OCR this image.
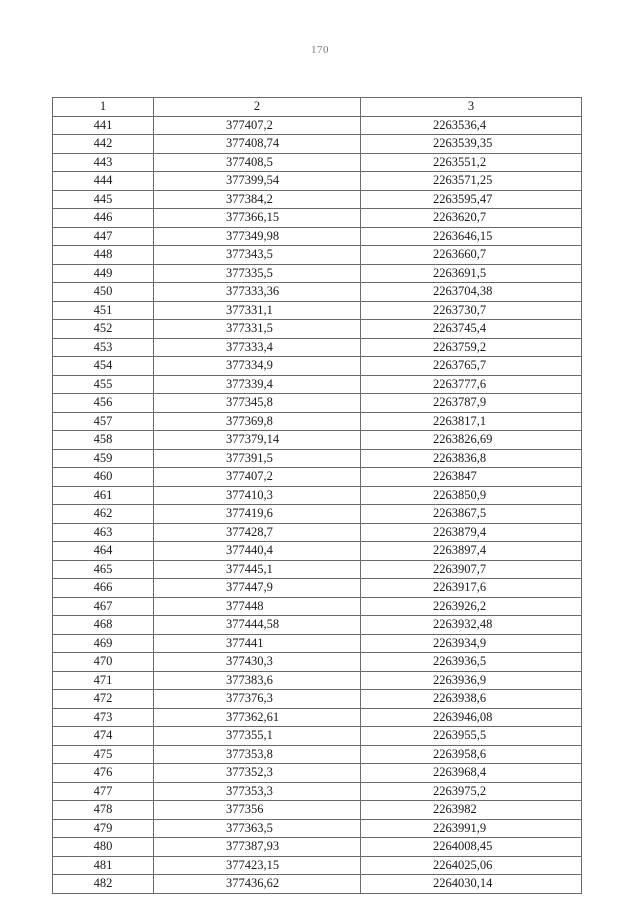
170
1	2	3
441	377407,2	2263536,4
442	377408,74	2263539,35
443	377408,5	2263551,2
444	377399,54	2263571,25
445	377384,2	2263595,47
446	377366,15	2263620,7
447	377349,98	2263646,15
448	377343,5	2263660,7
449	377335,5	2263691,5
450	377333,36	2263704,38
451	377331,1	2263730,7
452	377331,5	2263745,4
453	377333,4	2263759,2
454	377334,9	2263765,7
455	377339,4	2263777,6
456	377345,8	2263787,9
457	377369,8	2263817,1
458	377379,14	2263826,69
459	377391,5	2263836,8
460	377407,2	2263847
461	377410,3	2263850,9
462	377419,6	2263867,5
463	377428,7	2263879,4
464	377440,4	2263897,4
465	377445,1	2263907,7
466	377447,9	2263917,6
467	377448	2263926,2
468	377444,58	2263932,48
469	377441	2263934,9
470	377430,3	2263936,5
471	377383,6	2263936,9
472	377376,3	2263938,6
473	377362,61	2263946,08
474	377355,1	2263955,5
475	377353,8	2263958,6
476	377352,3	2263968,4
477	377353,3	2263975,2
478	377356	2263982
479	377363,5	2263991,9
480	377387,93	2264008,45
481	377423,15	2264025,06
482	377436,62	2264030,14
